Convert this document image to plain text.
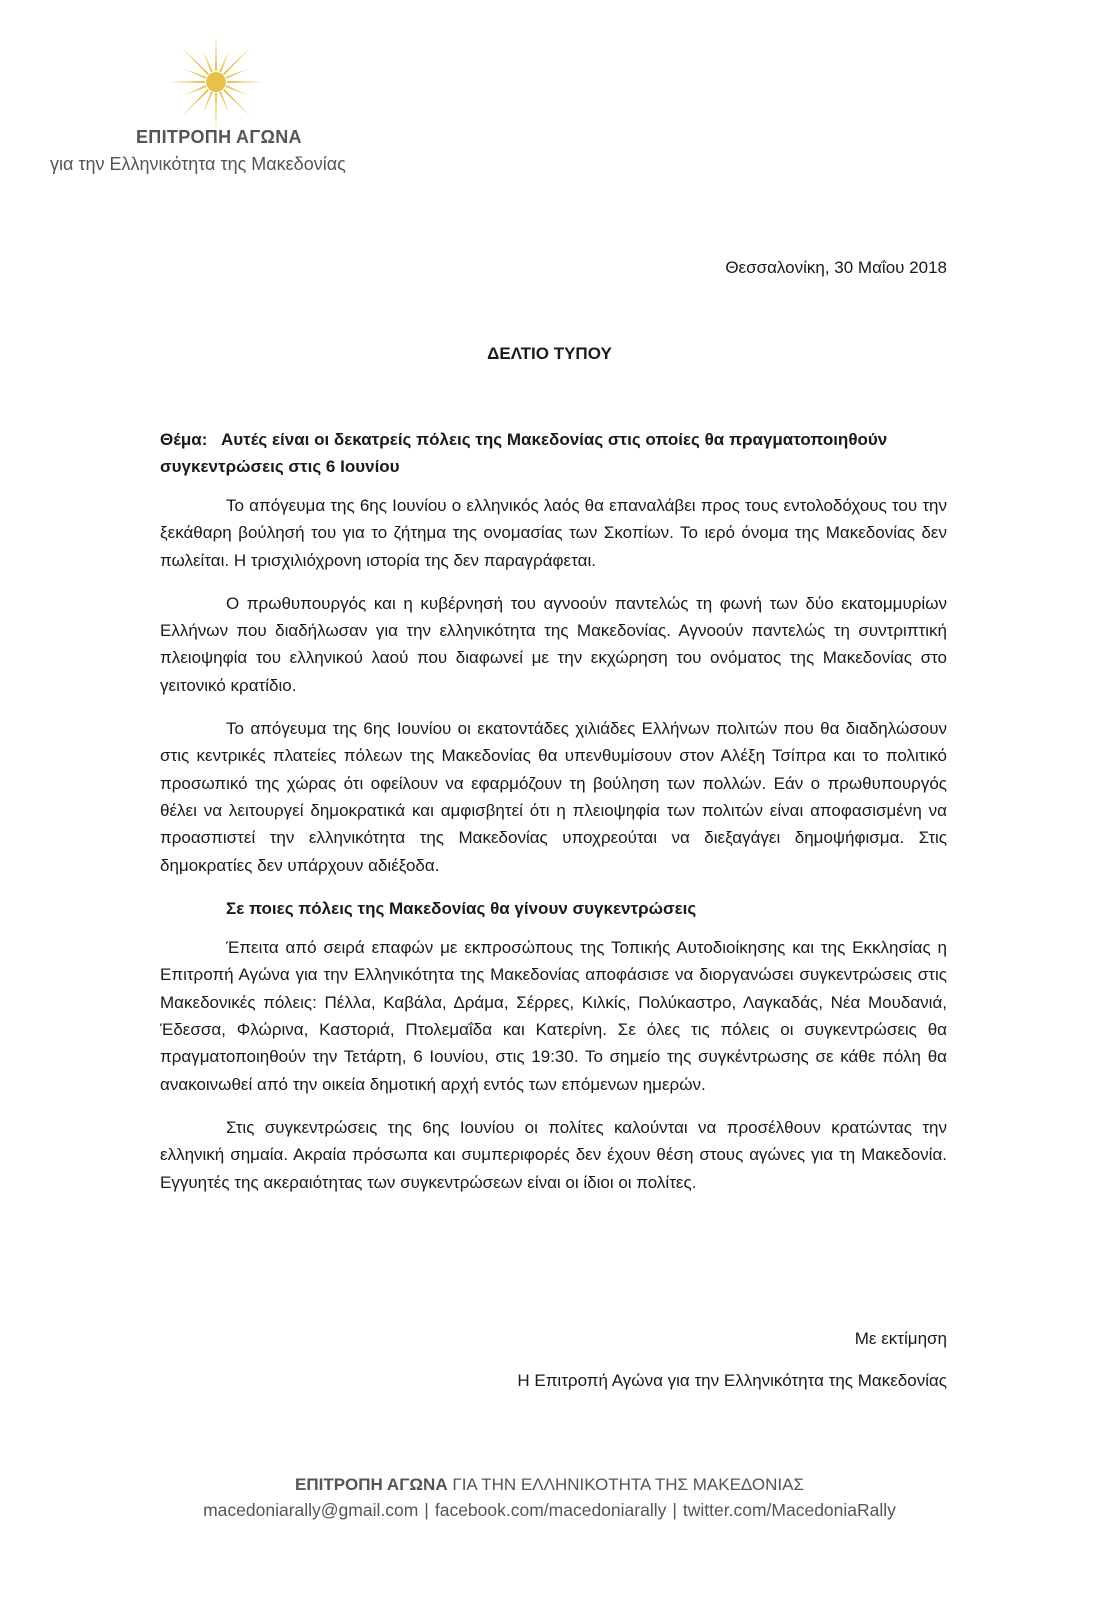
ΕΠΙΤΡΟΠΗ ΑΓΩΝΑ
για την Ελληνικότητα της Μακεδονίας
Θεσσαλονίκη, 30 Μαΐου 2018
ΔΕΛΤΙΟ ΤΥΠΟΥ
Θέμα: Αυτές είναι οι δεκατρείς πόλεις της Μακεδονίας στις οποίες θα πραγματοποιηθούν συγκεντρώσεις στις 6 Ιουνίου

Το απόγευμα της 6ης Ιουνίου ο ελληνικός λαός θα επαναλάβει προς τους εντολοδόχους του την ξεκάθαρη βούλησή του για το ζήτημα της ονομασίας των Σκοπίων. Το ιερό όνομα της Μακεδονίας δεν πωλείται. Η τρισχιλιόχρονη ιστορία της δεν παραγράφεται.

Ο πρωθυπουργός και η κυβέρνησή του αγνοούν παντελώς τη φωνή των δύο εκατομμυρίων Ελλήνων που διαδήλωσαν για την ελληνικότητα της Μακεδονίας. Αγνοούν παντελώς τη συντριπτική πλειοψηφία του ελληνικού λαού που διαφωνεί με την εκχώρηση του ονόματος της Μακεδονίας στο γειτονικό κρατίδιο.

Το απόγευμα της 6ης Ιουνίου οι εκατοντάδες χιλιάδες Ελλήνων πολιτών που θα διαδηλώσουν στις κεντρικές πλατείες πόλεων της Μακεδονίας θα υπενθυμίσουν στον Αλέξη Τσίπρα και το πολιτικό προσωπικό της χώρας ότι οφείλουν να εφαρμόζουν τη βούληση των πολλών. Εάν ο πρωθυπουργός θέλει να λειτουργεί δημοκρατικά και αμφισβητεί ότι η πλειοψηφία των πολιτών είναι αποφασισμένη να προασπιστεί την ελληνικότητα της Μακεδονίας υποχρεούται να διεξαγάγει δημοψήφισμα. Στις δημοκρατίες δεν υπάρχουν αδιέξοδα.

Σε ποιες πόλεις της Μακεδονίας θα γίνουν συγκεντρώσεις

Έπειτα από σειρά επαφών με εκπροσώπους της Τοπικής Αυτοδιοίκησης και της Εκκλησίας η Επιτροπή Αγώνα για την Ελληνικότητα της Μακεδονίας αποφάσισε να διοργανώσει συγκεντρώσεις στις Μακεδονικές πόλεις: Πέλλα, Καβάλα, Δράμα, Σέρρες, Κιλκίς, Πολύκαστρο, Λαγκαδάς, Νέα Μουδανιά, Έδεσσα, Φλώρινα, Καστοριά, Πτολεμαΐδα και Κατερίνη. Σε όλες τις πόλεις οι συγκεντρώσεις θα πραγματοποιηθούν την Τετάρτη, 6 Ιουνίου, στις 19:30. Το σημείο της συγκέντρωσης σε κάθε πόλη θα ανακοινωθεί από την οικεία δημοτική αρχή εντός των επόμενων ημερών.

Στις συγκεντρώσεις της 6ης Ιουνίου οι πολίτες καλούνται να προσέλθουν κρατώντας την ελληνική σημαία. Ακραία πρόσωπα και συμπεριφορές δεν έχουν θέση στους αγώνες για τη Μακεδονία. Εγγυητές της ακεραιότητας των συγκεντρώσεων είναι οι ίδιοι οι πολίτες.

Με εκτίμηση
Η Επιτροπή Αγώνα για την Ελληνικότητα της Μακεδονίας
ΕΠΙΤΡΟΠΗ ΑΓΩΝΑ ΓΙΑ ΤΗΝ ΕΛΛΗΝΙΚΟΤΗΤΑ ΤΗΣ ΜΑΚΕΔΟΝΙΑΣ
macedoniarally@gmail.com | facebook.com/macedoniarally | twitter.com/MacedoniaRally
